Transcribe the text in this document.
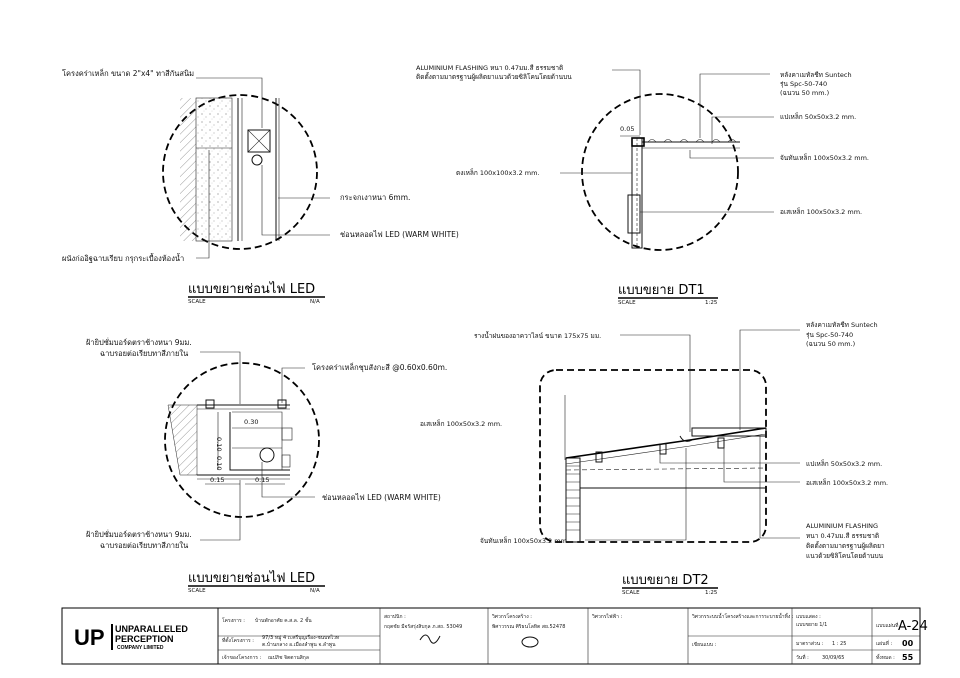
โครงคร่าเหล็ก ขนาด 2"x4" ทาสีกันสนิม
กระจกเงาหนา 6mm.
ช่อนหลอดไฟ LED (WARM WHITE)
ผนังก่ออิฐฉาบเรียบ กรุกระเบื้องห้องน้ำ
แบบขยายช่อนไฟ LED
SCALE	N/A
0.05
ALUMINIUM FLASHING หนา 0.47มม.สี ธรรมชาติ
ติดตั้งตามมาตรฐานผู้ผลิตยาแนวด้วยซิลิโคนโดยด้านบน	หลังคาเมทัลชีท Suntech
รุ่น Spc-50-740
(ฉนวน 50 mm.)
แปเหล็ก 50x50x3.2 mm.
จันทันเหล็ก 100x50x3.2 mm.
ตงเหล็ก 100x100x3.2 mm.
อเสเหล็ก 100x50x3.2 mm.
แบบขยาย DT1
SCALE	1:25
0.30
0.10
0.10
0.15	0.15
ฝ้ายิปซั่มบอร์ดตราช้างหนา 9มม.
ฉาบรอยต่อเรียบทาสีภายใน
โครงคร่าเหล็กชุบสังกะสี @0.60x0.60m.
ช่อนหลอดไฟ LED (WARM WHITE)
ฝ้ายิปซั่มบอร์ดตราช้างหนา 9มม.
ฉาบรอยต่อเรียบทาสีภายใน
แบบขยายช่อนไฟ LED
SCALE	N/A
รางน้ำฝนของอาควาไลน์ ขนาด 175x75 มม.
หลังคาเมทัลชีท Suntech
รุ่น Spc-50-740
(ฉนวน 50 mm.)
อเสเหล็ก 100x50x3.2 mm.
แปเหล็ก 50x50x3.2 mm.
อเสเหล็ก 100x50x3.2 mm.
ALUMINIUM FLASHING
หนา 0.47มม.สี ธรรมชาติ
ติดตั้งตามมาตรฐานผู้ผลิตยา
แนวด้วยซิลิโคนโดยด้านบน
จันทันเหล็ก 100x50x3.2 mm.
แบบขยาย DT2
SCALE	1:25
UP UNPARALLELED
PERCEPTION
COMPANY LIMITED
โครงการ : บ้านพักอาศัย ค.ส.ล. 2 ชั้น
ที่ตั้งโครงการ : 97/3 หมู่ 4 ถ.ศรีบุญเรือง-ชนบทไวท
ต.บ้านกลาง อ.เมืองลำพูน จ.ลำพูน
เจ้าของโครงการ : ณปภิช จิตตานสิกุล
สถาปนิก :
กฤตชัย มีจรัสรุ่งสิบกุล ภ.สถ. 53049
วิศวกรโครงสร้าง :
พิศาวรรณ ศิริธนโลหิต สย.52478
วิศวกรไฟฟ้า :	วิศวกรระบบน้ำโครงสร้างและการระบายน้ำทิ้ง :
เขียนแบบ :
แบบแสดง :
แบบขยาย 1/1
มาตราส่วน : 1 : 25
วันที่ :	30/09/65
แบบแผ่นที่ A-24
แผ่นที่ : 00
ทั้งหมด : 55
